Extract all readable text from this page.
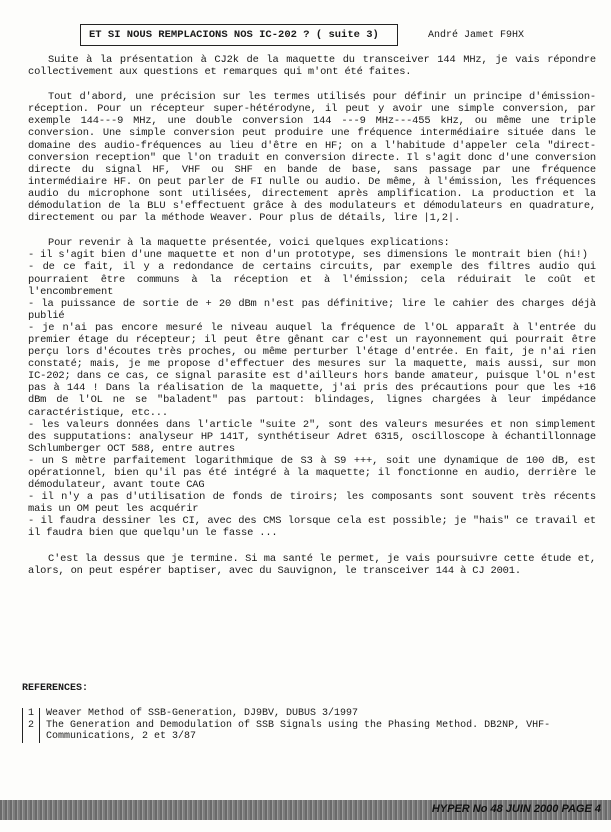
ET SI NOUS REMPLACIONS NOS IC-202 ? ( suite 3)	André Jamet F9HX

Suite à la présentation à CJ2k de la maquette du transceiver 144 MHz, je vais répondre collectivement aux questions et remarques qui m'ont été faites.

Tout d'abord, une précision sur les termes utilisés pour définir un principe d'émission-réception. Pour un récepteur super-hétérodyne, il peut y avoir une simple conversion, par exemple 144---9 MHz, une double conversion 144 ---9 MHz---455 kHz, ou même une triple conversion. Une simple conversion peut produire une fréquence intermédiaire située dans le domaine des audio-fréquences au lieu d'être en HF; on a l'habitude d'appeler cela "direct-conversion reception" que l'on traduit en conversion directe. Il s'agit donc d'une conversion directe du signal HF, VHF ou SHF en bande de base, sans passage par une fréquence intermédiaire HF. On peut parler de FI nulle ou audio. De même, à l'émission, les fréquences audio du microphone sont utilisées, directement après amplification. La production et la démodulation de la BLU s'effectuent grâce à des modulateurs et démodulateurs en quadrature, directement ou par la méthode Weaver. Pour plus de détails, lire |1,2|.

Pour revenir à la maquette présentée, voici quelques explications:

- il s'agit bien d'une maquette et non d'un prototype, ses dimensions le montrait bien (hi!)

- de ce fait, il y a redondance de certains circuits, par exemple des filtres audio qui pourraient être communs à la réception et à l'émission; cela réduirait le coût et l'encombrement

- la puissance de sortie de + 20 dBm n'est pas définitive; lire le cahier des charges déjà publié

- je n'ai pas encore mesuré le niveau auquel la fréquence de l'OL apparaît à l'entrée du premier étage du récepteur; il peut être gênant car c'est un rayonnement qui pourrait être perçu lors d'écoutes très proches, ou même perturber l'étage d'entrée. En fait, je n'ai rien constaté; mais, je me propose d'effectuer des mesures sur la maquette, mais aussi, sur mon IC-202; dans ce cas, ce signal parasite est d'ailleurs hors bande amateur, puisque l'OL n'est pas à 144 ! Dans la réalisation de la maquette, j'ai pris des précautions pour que les +16 dBm de l'OL ne se "baladent" pas partout: blindages, lignes chargées à leur impédance caractéristique, etc...

- les valeurs données dans l'article "suite 2", sont des valeurs mesurées et non simplement des supputations: analyseur HP 141T, synthétiseur Adret 6315, oscilloscope à échantillonnage Schlumberger OCT 588, entre autres

- un S mètre parfaitement logarithmique de S3 à S9 +++, soit une dynamique de 100 dB, est opérationnel, bien qu'il pas été intégré à la maquette; il fonctionne en audio, derrière le démodulateur, avant toute CAG

- il n'y a pas d'utilisation de fonds de tiroirs; les composants sont souvent très récents mais un OM peut les acquérir

- il faudra dessiner les CI, avec des CMS lorsque cela est possible; je "hais" ce travail et il faudra bien que quelqu'un le fasse ...

C'est la dessus que je termine. Si ma santé le permet, je vais poursuivre cette étude et, alors, on peut espérer baptiser, avec du Sauvignon, le transceiver 144 à CJ 2001.

REFERENCES:
1	Weaver Method of SSB-Generation, DJ9BV, DUBUS 3/1997
2	The Generation and Demodulation of SSB Signals using the Phasing Method. DB2NP, VHF-Communications, 2 et 3/87
HYPER No 48 JUIN 2000 PAGE 4
